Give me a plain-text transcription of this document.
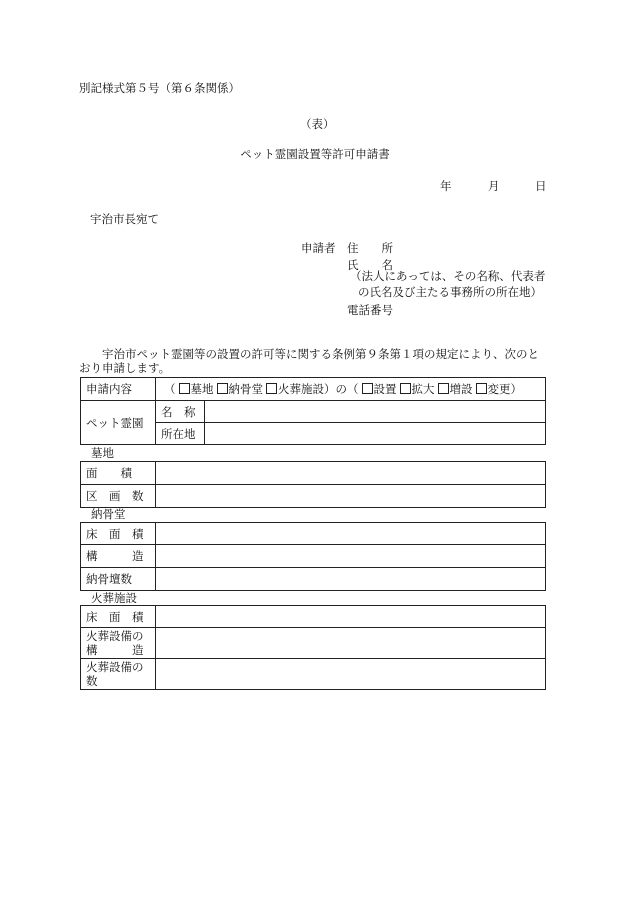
別記様式第５号（第６条関係）
（表）
ペット霊園設置等許可申請書
年	月	日
宇治市長宛て
申請者	住　　所
氏　　名
（法人にあっては、その名称、代表者
の氏名及び主たる事務所の所在地）
電話番号
宇治市ペット霊園等の設置の許可等に関する条例第９条第１項の規定により、次のとおり申請します。
申請内容	（ 墓地 納骨堂 火葬施設）の（ 設置 拡大 増設 変更）	
ペット霊園	名　称	
	所在地	
墓地
面　　積	
区　画　数	
納骨堂
床　面　積	
構　　　造	
納骨壇数	
火葬施設
床　面　積	

火葬設備の
構　　　造	

火葬設備の
数	
